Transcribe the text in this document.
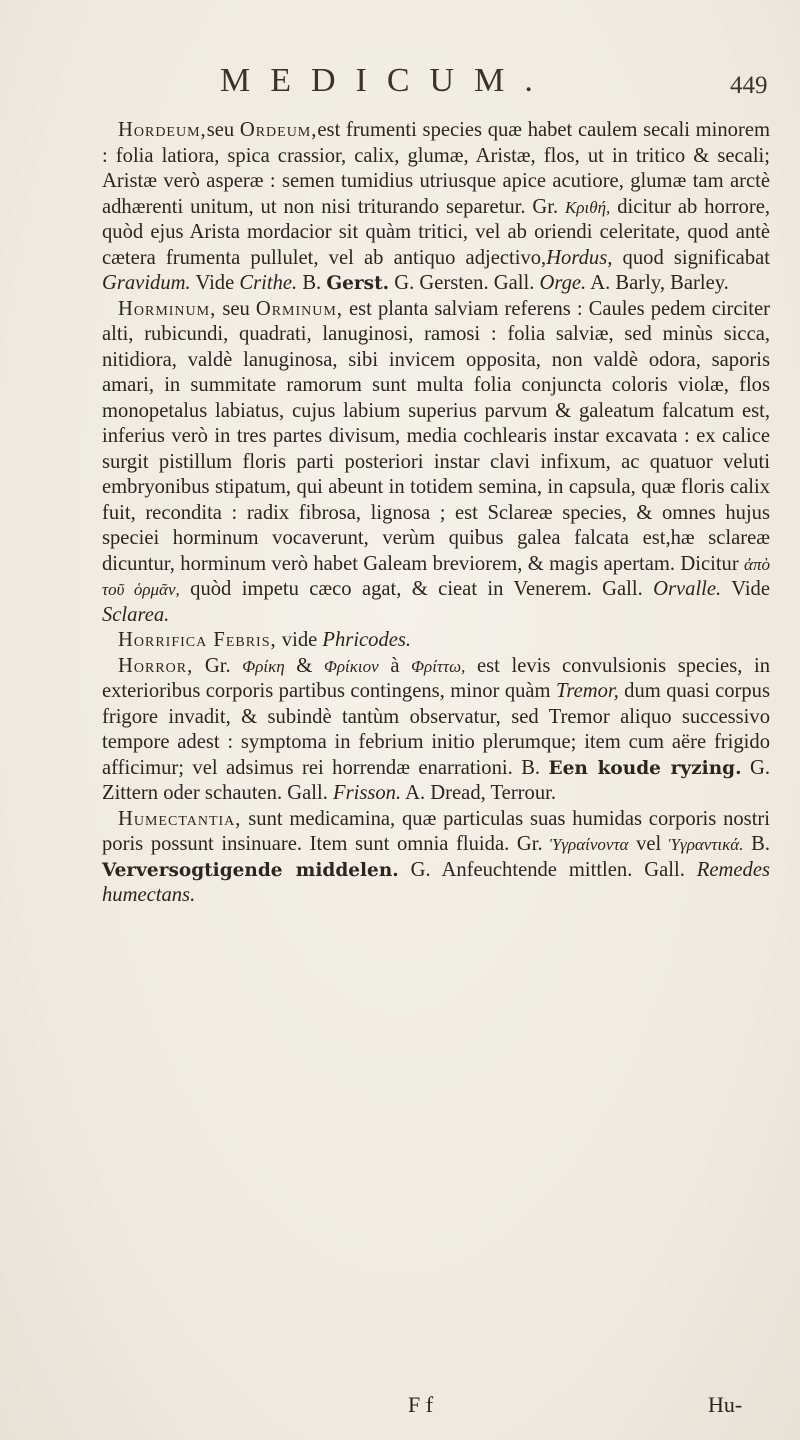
MEDICUM.	449

Hordeum,seu Ordeum,est frumenti species quæ habet caulem secali minorem : folia latiora, spica crassior, calix, glumæ, Aristæ, flos, ut in tritico & secali; Aristæ verò asperæ : semen tumidius utriusque apice acutiore, glumæ tam arctè adhærenti unitum, ut non nisi triturando separetur. Gr. Κριθή, dicitur ab horrore, quòd ejus Arista mordacior sit quàm tritici, vel ab oriendi celeritate, quod antè cætera frumenta pullulet, vel ab antiquo adjectivo,Hordus, quod significabat Gravidum. Vide Crithe. B. Gerst. G. Gersten. Gall. Orge. A. Barly, Barley.

Horminum, seu Orminum, est planta salviam referens : Caules pedem circiter alti, rubicundi, quadrati, lanuginosi, ramosi : folia salviæ, sed minùs sicca, nitidiora, valdè lanuginosa, sibi invicem opposita, non valdè odora, saporis amari, in summitate ramorum sunt multa folia conjuncta coloris violæ, flos monopetalus labiatus, cujus labium superius parvum & galeatum falcatum est, inferius verò in tres partes divisum, media cochlearis instar excavata : ex calice surgit pistillum floris parti posteriori instar clavi infixum, ac quatuor veluti embryonibus stipatum, qui abeunt in totidem semina, in capsula, quæ floris calix fuit, recondita : radix fibrosa, lignosa ; est Sclareæ species, & omnes hujus speciei horminum vocaverunt, verùm quibus galea falcata est,hæ sclareæ dicuntur, horminum verò habet Galeam breviorem, & magis apertam. Dicitur ἀπὸ τοῦ ὁρμᾶν, quòd impetu cæco agat, & cieat in Venerem. Gall. Orvalle. Vide Sclarea.

Horrifica Febris, vide Phricodes.

Horror, Gr. Φρίκη & Φρίκιον à Φρίττω, est levis convulsionis species, in exterioribus corporis partibus contingens, minor quàm Tremor, dum quasi corpus frigore invadit, & subindè tantùm observatur, sed Tremor aliquo successivo tempore adest : symptoma in febrium initio plerumque; item cum aëre frigido afficimur; vel adsimus rei horrendæ enarrationi. B. Een koude ryzing. G. Zittern oder schauten. Gall. Frisson. A. Dread, Terrour.

Humectantia, sunt medicamina, quæ particulas suas humidas corporis nostri poris possunt insinuare. Item sunt omnia fluida. Gr. Ὑγραίνοντα vel Ὑγραντικά. B. Verversogtigende middelen. G. Anfeuchtende mittlen. Gall. Remedes humectans.

F f	Hu-
